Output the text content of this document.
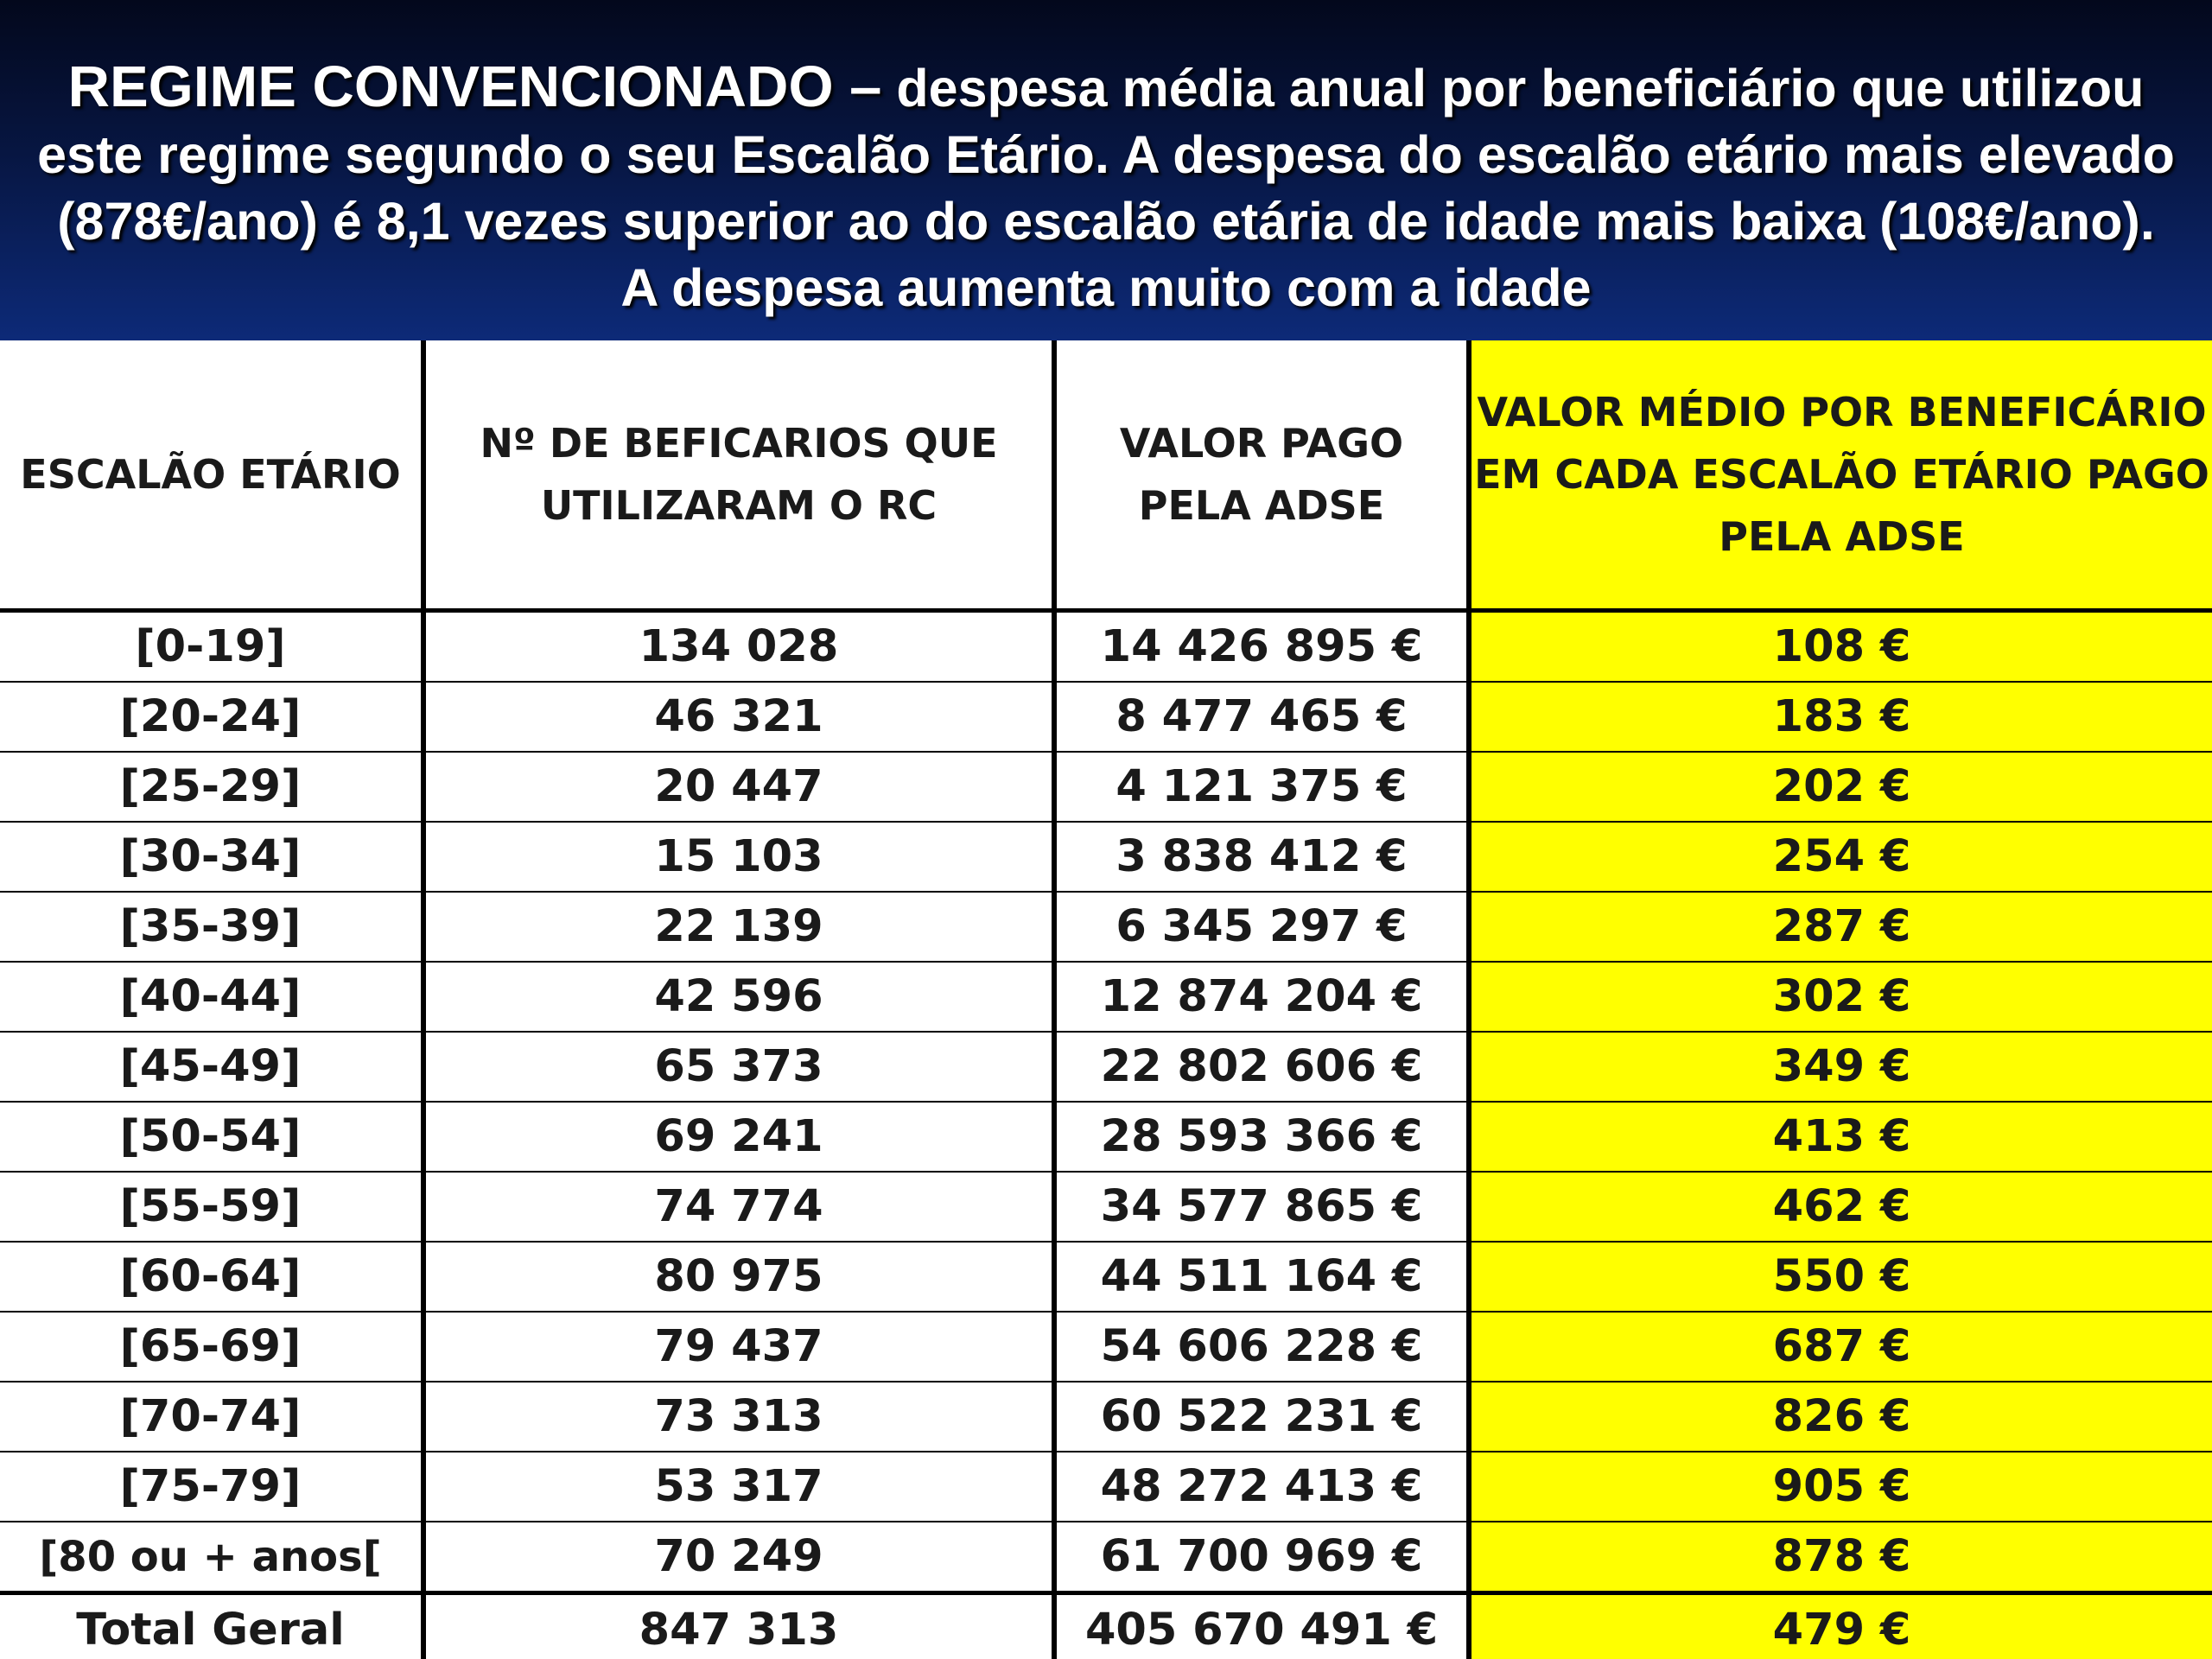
REGIME CONVENCIONADO – despesa média anual por beneficiário que utilizou este regime segundo o seu Escalão Etário. A despesa do escalão etário mais elevado (878€/ano) é 8,1 vezes superior ao do escalão etária de idade mais baixa (108€/ano). A despesa aumenta muito com a idade
ESCALÃO ETÁRIO	Nº DE BEFICARIOS QUE UTILIZARAM O RC	VALOR PAGO PELA ADSE	VALOR MÉDIO POR BENEFICÁRIO EM CADA ESCALÃO ETÁRIO PAGO PELA ADSE
[0-19]	134 028	14 426 895 €	108 €
[20-24]	46 321	8 477 465 €	183 €
[25-29]	20 447	4 121 375 €	202 €
[30-34]	15 103	3 838 412 €	254 €
[35-39]	22 139	6 345 297 €	287 €
[40-44]	42 596	12 874 204 €	302 €
[45-49]	65 373	22 802 606 €	349 €
[50-54]	69 241	28 593 366 €	413 €
[55-59]	74 774	34 577 865 €	462 €
[60-64]	80 975	44 511 164 €	550 €
[65-69]	79 437	54 606 228 €	687 €
[70-74]	73 313	60 522 231 €	826 €
[75-79]	53 317	48 272 413 €	905 €
[80 ou + anos[	70 249	61 700 969 €	878 €
Total Geral	847 313	405 670 491 €	479 €
